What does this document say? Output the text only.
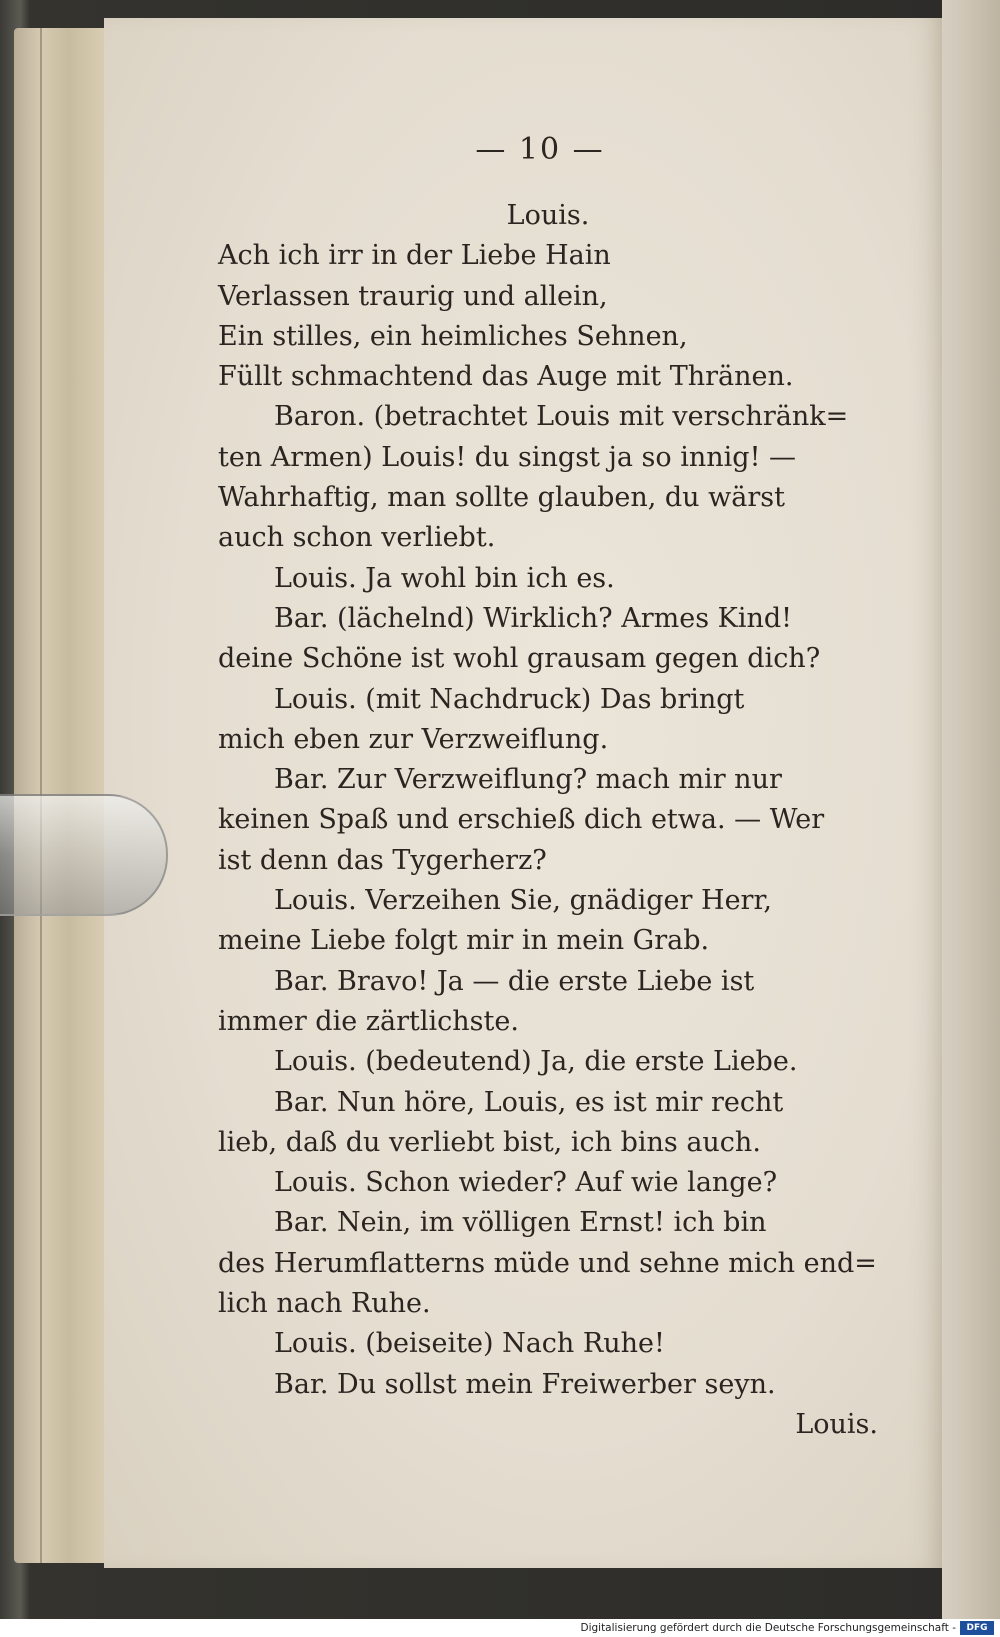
— 10 —
Louis.
Ach ich irr in der Liebe Hain
Verlassen traurig und allein,
Ein stilles, ein heimliches Sehnen,
Füllt schmachtend das Auge mit Thränen.
Baron. (betrachtet Louis mit verschränk=
ten Armen) Louis! du singst ja so innig! —
Wahrhaftig, man sollte glauben, du wärst
auch schon verliebt.
Louis. Ja wohl bin ich es.
Bar. (lächelnd) Wirklich? Armes Kind!
deine Schöne ist wohl grausam gegen dich?
Louis. (mit Nachdruck) Das bringt
mich eben zur Verzweiflung.
Bar. Zur Verzweiflung? mach mir nur
keinen Spaß und erschieß dich etwa. — Wer
ist denn das Tygerherz?
Louis. Verzeihen Sie, gnädiger Herr,
meine Liebe folgt mir in mein Grab.
Bar. Bravo! Ja — die erste Liebe ist
immer die zärtlichste.
Louis. (bedeutend) Ja, die erste Liebe.
Bar. Nun höre, Louis, es ist mir recht
lieb, daß du verliebt bist, ich bins auch.
Louis. Schon wieder? Auf wie lange?
Bar. Nein, im völligen Ernst! ich bin
des Herumflatterns müde und sehne mich end=
lich nach Ruhe.
Louis. (beiseite) Nach Ruhe!
Bar. Du sollst mein Freiwerber seyn.
Louis.
Digitalisierung gefördert durch die Deutsche Forschungsgemeinschaft -	DFG
